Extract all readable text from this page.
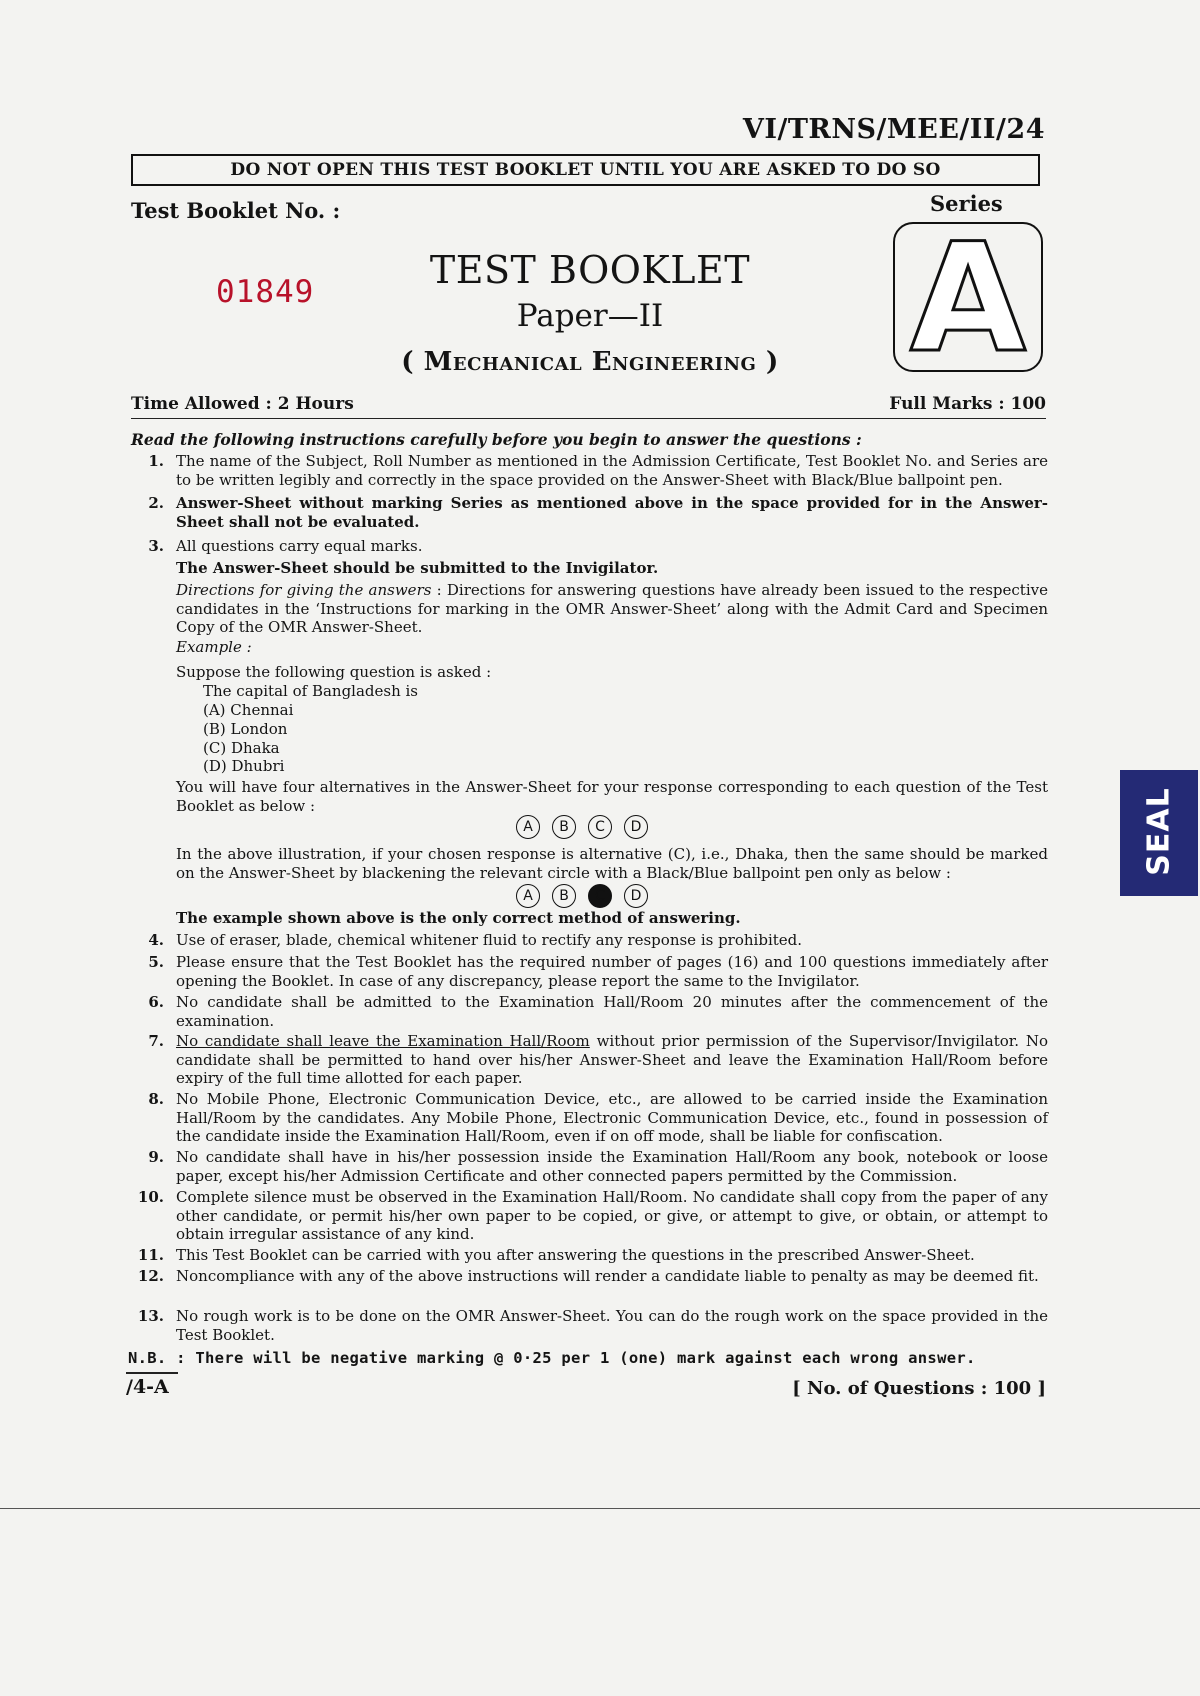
VI/TRNS/MEE/II/24
DO NOT OPEN THIS TEST BOOKLET UNTIL YOU ARE ASKED TO DO SO
Test Booklet No. :	Series
A
01849	TEST BOOKLET
Paper—II
( Mechanical Engineering )
Time Allowed : 2 Hours	Full Marks : 100
Read the following instructions carefully before you begin to answer the questions :
1. The name of the Subject, Roll Number as mentioned in the Admission Certificate, Test Booklet No. and Series are to be written legibly and correctly in the space provided on the Answer-Sheet with Black/Blue ballpoint pen.
2. Answer-Sheet without marking Series as mentioned above in the space provided for in the Answer-Sheet shall not be evaluated.
3. All questions carry equal marks.
The Answer-Sheet should be submitted to the Invigilator.
Directions for giving the answers : Directions for answering questions have already been issued to the respective candidates in the ‘Instructions for marking in the OMR Answer-Sheet’ along with the Admit Card and Specimen Copy of the OMR Answer-Sheet.
Example :
Suppose the following question is asked :
The capital of Bangladesh is
(A) Chennai
(B) London
(C) Dhaka
(D) Dhubri
You will have four alternatives in the Answer-Sheet for your response corresponding to each question of the Test Booklet as below :
A B C D
In the above illustration, if your chosen response is alternative (C), i.e., Dhaka, then the same should be marked on the Answer-Sheet by blackening the relevant circle with a Black/Blue ballpoint pen only as below :
A B C D
The example shown above is the only correct method of answering.
4. Use of eraser, blade, chemical whitener fluid to rectify any response is prohibited.
5. Please ensure that the Test Booklet has the required number of pages (16) and 100 questions immediately after opening the Booklet. In case of any discrepancy, please report the same to the Invigilator.
6. No candidate shall be admitted to the Examination Hall/Room 20 minutes after the commencement of the examination.
7. No candidate shall leave the Examination Hall/Room without prior permission of the Supervisor/Invigilator. No candidate shall be permitted to hand over his/her Answer-Sheet and leave the Examination Hall/Room before expiry of the full time allotted for each paper.
8. No Mobile Phone, Electronic Communication Device, etc., are allowed to be carried inside the Examination Hall/Room by the candidates. Any Mobile Phone, Electronic Communication Device, etc., found in possession of the candidate inside the Examination Hall/Room, even if on off mode, shall be liable for confiscation.
9. No candidate shall have in his/her possession inside the Examination Hall/Room any book, notebook or loose paper, except his/her Admission Certificate and other connected papers permitted by the Commission.
10. Complete silence must be observed in the Examination Hall/Room. No candidate shall copy from the paper of any other candidate, or permit his/her own paper to be copied, or give, or attempt to give, or obtain, or attempt to obtain irregular assistance of any kind.
11. This Test Booklet can be carried with you after answering the questions in the prescribed Answer-Sheet.
12. Noncompliance with any of the above instructions will render a candidate liable to penalty as may be deemed fit.
13. No rough work is to be done on the OMR Answer-Sheet. You can do the rough work on the space provided in the Test Booklet.
N.B. : There will be negative marking @ 0·25 per 1 (one) mark against each wrong answer.
/4-A	[ No. of Questions : 100 ]
SEAL
